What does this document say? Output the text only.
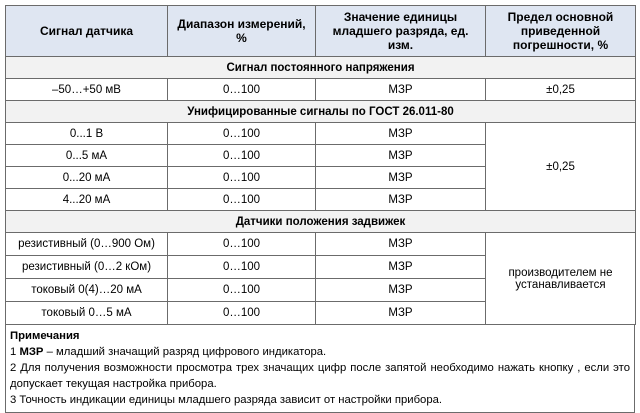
Сигнал датчика	Диапазон измерений, %	Значение единицы младшего разряда, ед. изм.	Предел основной приведенной погрешности, %
Сигнал постоянного напряжения			
–50…+50 мВ	0…100	МЗР	±0,25
Унифицированные сигналы по ГОСТ 26.011-80			
0...1 В	0…100	МЗР	±0,25
0...5 мА	0…100	МЗР	
0...20 мА	0…100	МЗР	
4...20 мА	0…100	МЗР	
Датчики положения задвижек			
резистивный (0…900 Ом)	0…100	МЗР	производителем не устанавливается
резистивный (0…2 кОм)	0…100	МЗР	
токовый 0(4)…20 мА	0…100	МЗР	
токовый 0…5 мА	0…100	МЗР	
Примечания
1 МЗР – младший значащий разряд цифрового индикатора.
2 Для получения возможности просмотра трех значащих цифр после запятой необходимо нажать кнопку , если это допускает текущая настройка прибора.
3 Точность индикации единицы младшего разряда зависит от настройки прибора.
